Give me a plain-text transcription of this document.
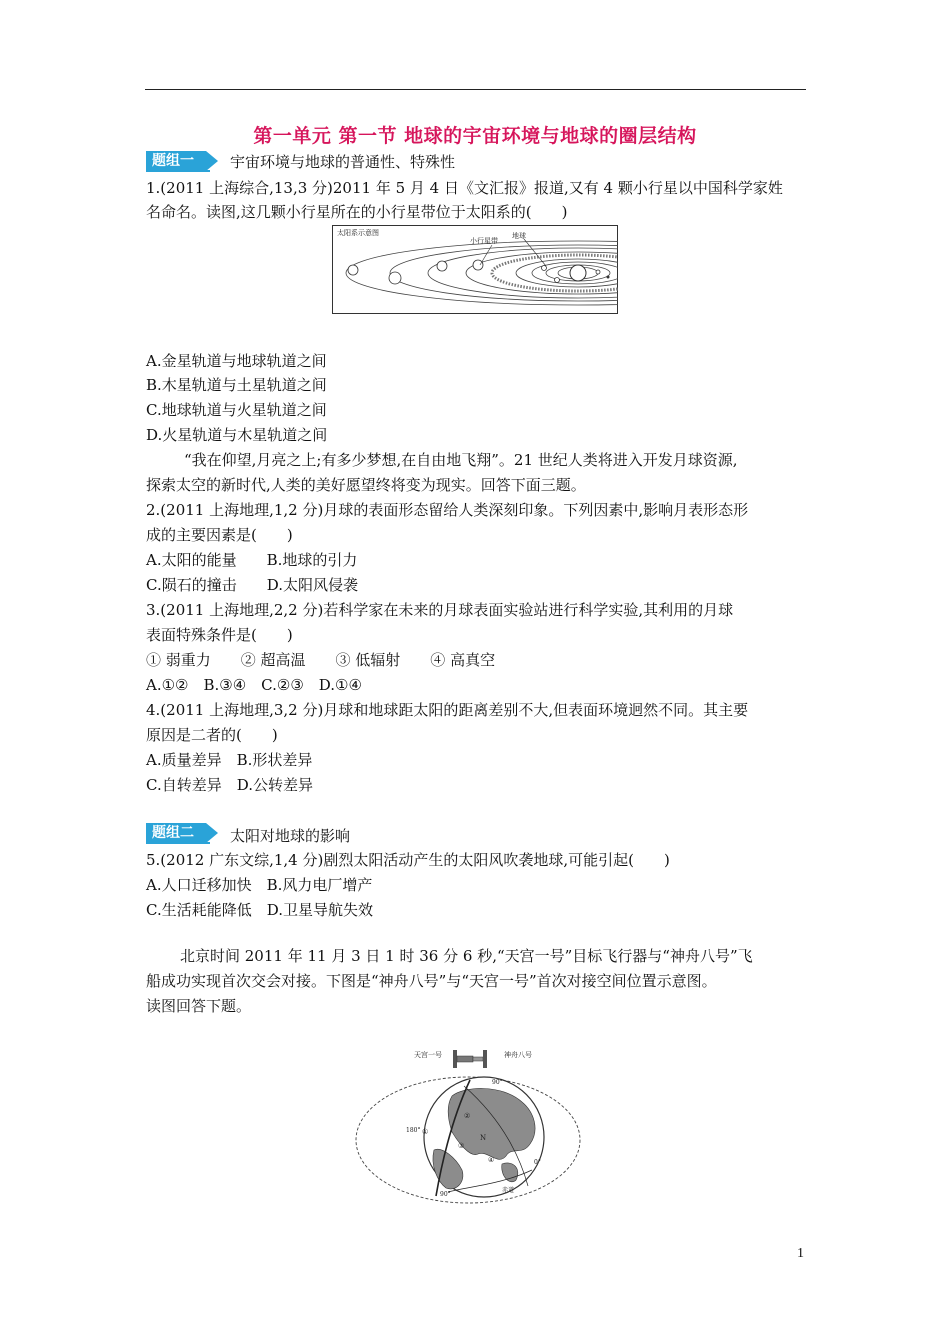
第一单元 第一节 地球的宇宙环境与地球的圈层结构
题组一	宇宙环境与地球的普通性、特殊性
1.(2011 上海综合,13,3 分)2011 年 5 月 4 日《文汇报》报道,又有 4 颗小行星以中国科学家姓
名命名。读图,这几颗小行星所在的小行星带位于太阳系的(　　)
太阳系示意图
小行星带
地球
A.金星轨道与地球轨道之间
B.木星轨道与土星轨道之间
C.地球轨道与火星轨道之间
D.火星轨道与木星轨道之间
“我在仰望,月亮之上;有多少梦想,在自由地飞翔”。21 世纪人类将进入开发月球资源,
探索太空的新时代,人类的美好愿望终将变为现实。回答下面三题。
2.(2011 上海地理,1,2 分)月球的表面形态留给人类深刻印象。下列因素中,影响月表形态形
成的主要因素是(　　)
A.太阳的能量　　B.地球的引力
C.陨石的撞击　　D.太阳风侵袭
3.(2011 上海地理,2,2 分)若科学家在未来的月球表面实验站进行科学实验,其利用的月球
表面特殊条件是(　　)
① 弱重力　　② 超高温　　③ 低辐射　　④ 高真空
A.①②　B.③④　C.②③　D.①④
4.(2011 上海地理,3,2 分)月球和地球距太阳的距离差别不大,但表面环境迥然不同。其主要
原因是二者的(　　)
A.质量差异　B.形状差异
C.自转差异　D.公转差异
题组二	太阳对地球的影响
5.(2012 广东文综,1,4 分)剧烈太阳活动产生的太阳风吹袭地球,可能引起(　　)
A.人口迁移加快　B.风力电厂增产
C.生活耗能降低　D.卫星导航失效
北京时间 2011 年 11 月 3 日 1 时 36 分 6 秒,“天宫一号”目标飞行器与“神舟八号”飞
船成功实现首次交会对接。下图是“神舟八号”与“天宫一号”首次对接空间位置示意图。
读图回答下题。
天宫一号	神舟八号
90°
180°
0°
90°
赤道
N
①
②
③
④
1
